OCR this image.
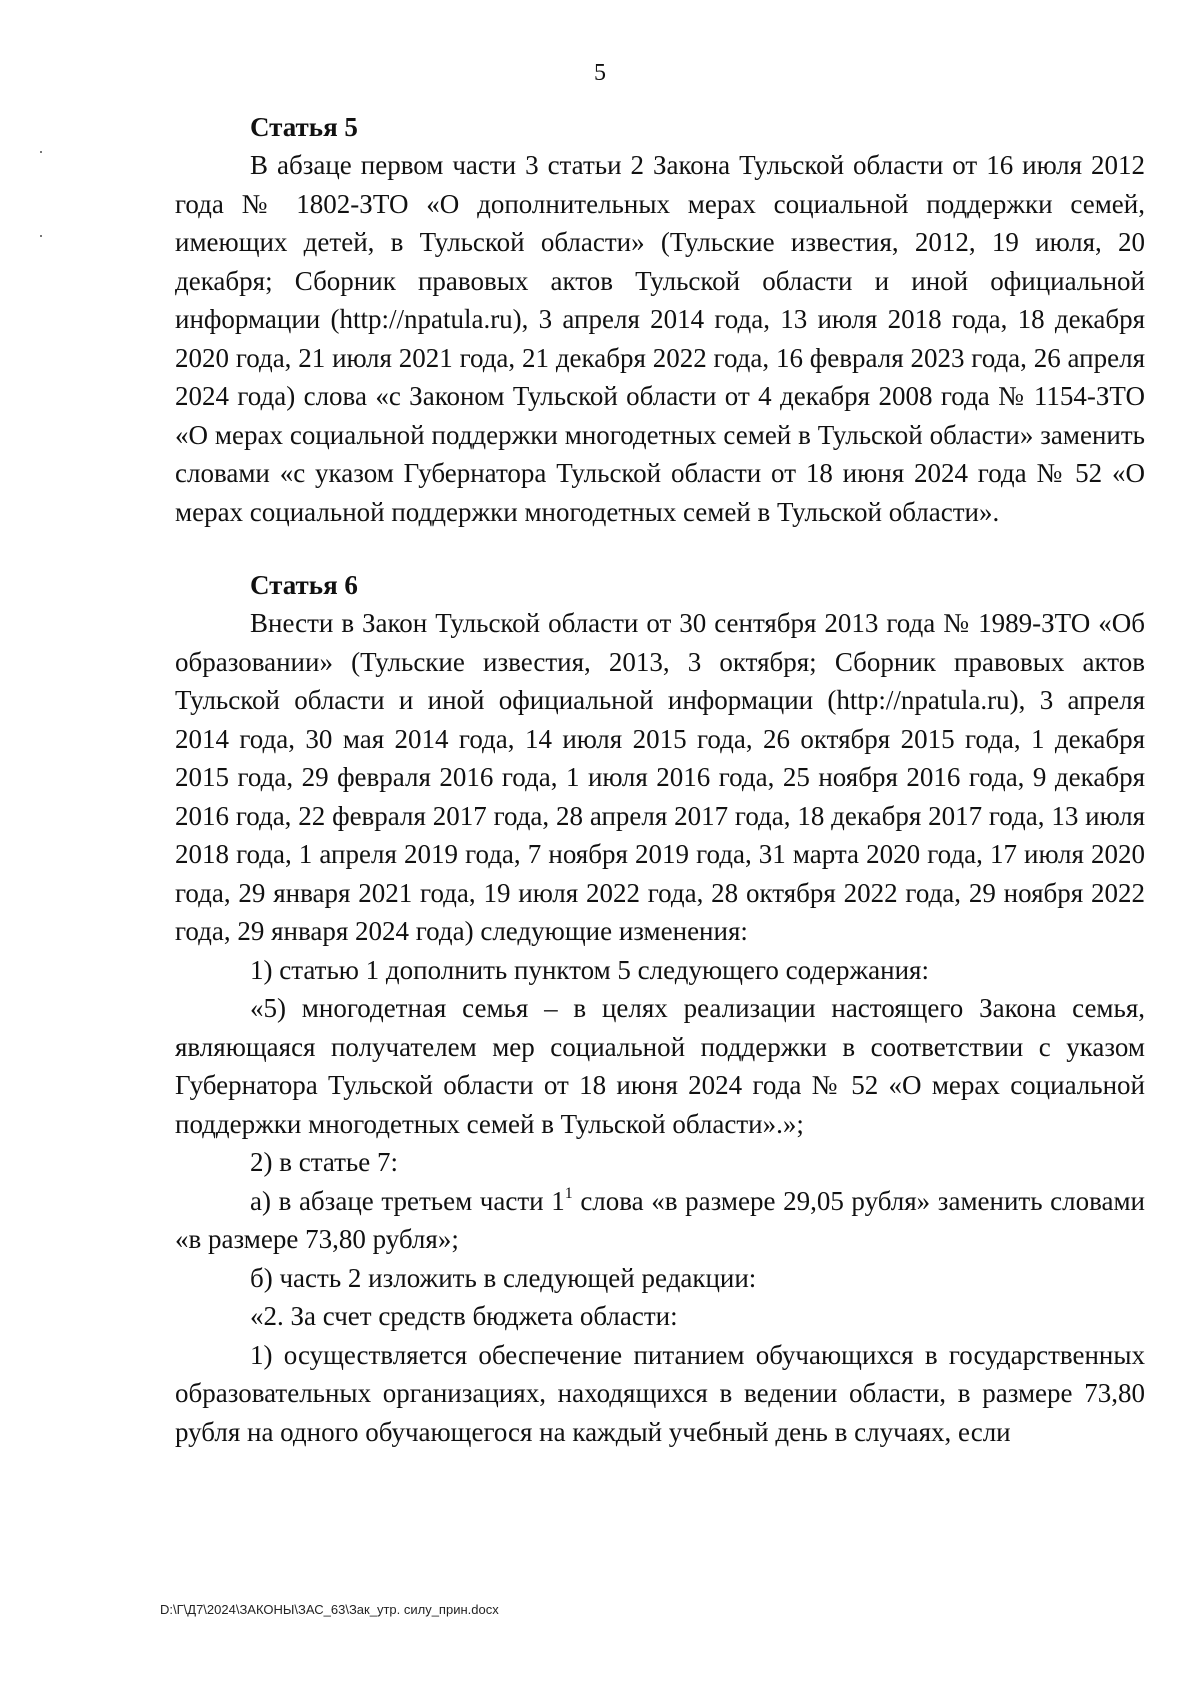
5
Статья 5

В абзаце первом части 3 статьи 2 Закона Тульской области от 16 июля 2012 года № 1802-ЗТО «О дополнительных мерах социальной поддержки семей, имеющих детей, в Тульской области» (Тульские известия, 2012, 19 июля, 20 декабря; Сборник правовых актов Тульской области и иной официальной информации (http://npatula.ru), 3 апреля 2014 года, 13 июля 2018 года, 18 декабря 2020 года, 21 июля 2021 года, 21 декабря 2022 года, 16 февраля 2023 года, 26 апреля 2024 года) слова «с Законом Тульской области от 4 декабря 2008 года № 1154-ЗТО «О мерах социальной поддержки многодетных семей в Тульской области» заменить словами «с указом Губернатора Тульской области от 18 июня 2024 года № 52 «О мерах социальной поддержки многодетных семей в Тульской области».

Статья 6

Внести в Закон Тульской области от 30 сентября 2013 года № 1989-ЗТО «Об образовании» (Тульские известия, 2013, 3 октября; Сборник правовых актов Тульской области и иной официальной информации (http://npatula.ru), 3 апреля 2014 года, 30 мая 2014 года, 14 июля 2015 года, 26 октября 2015 года, 1 декабря 2015 года, 29 февраля 2016 года, 1 июля 2016 года, 25 ноября 2016 года, 9 декабря 2016 года, 22 февраля 2017 года, 28 апреля 2017 года, 18 декабря 2017 года, 13 июля 2018 года, 1 апреля 2019 года, 7 ноября 2019 года, 31 марта 2020 года, 17 июля 2020 года, 29 января 2021 года, 19 июля 2022 года, 28 октября 2022 года, 29 ноября 2022 года, 29 января 2024 года) следующие изменения:

1) статью 1 дополнить пунктом 5 следующего содержания:

«5) многодетная семья – в целях реализации настоящего Закона семья, являющаяся получателем мер социальной поддержки в соответствии с указом Губернатора Тульской области от 18 июня 2024 года № 52 «О мерах социальной поддержки многодетных семей в Тульской области».»;

2) в статье 7:

а) в абзаце третьем части $1^1$ слова «в размере 29,05 рубля» заменить словами «в размере 73,80 рубля»;

б) часть 2 изложить в следующей редакции:

«2. За счет средств бюджета области:

1) осуществляется обеспечение питанием обучающихся в государственных образовательных организациях, находящихся в ведении области, в размере 73,80 рубля на одного обучающегося на каждый учебный день в случаях, если

D:\Г\Д7\2024\ЗАКОНЫ\ЗАС_63\Зак_утр. силу_прин.docx
